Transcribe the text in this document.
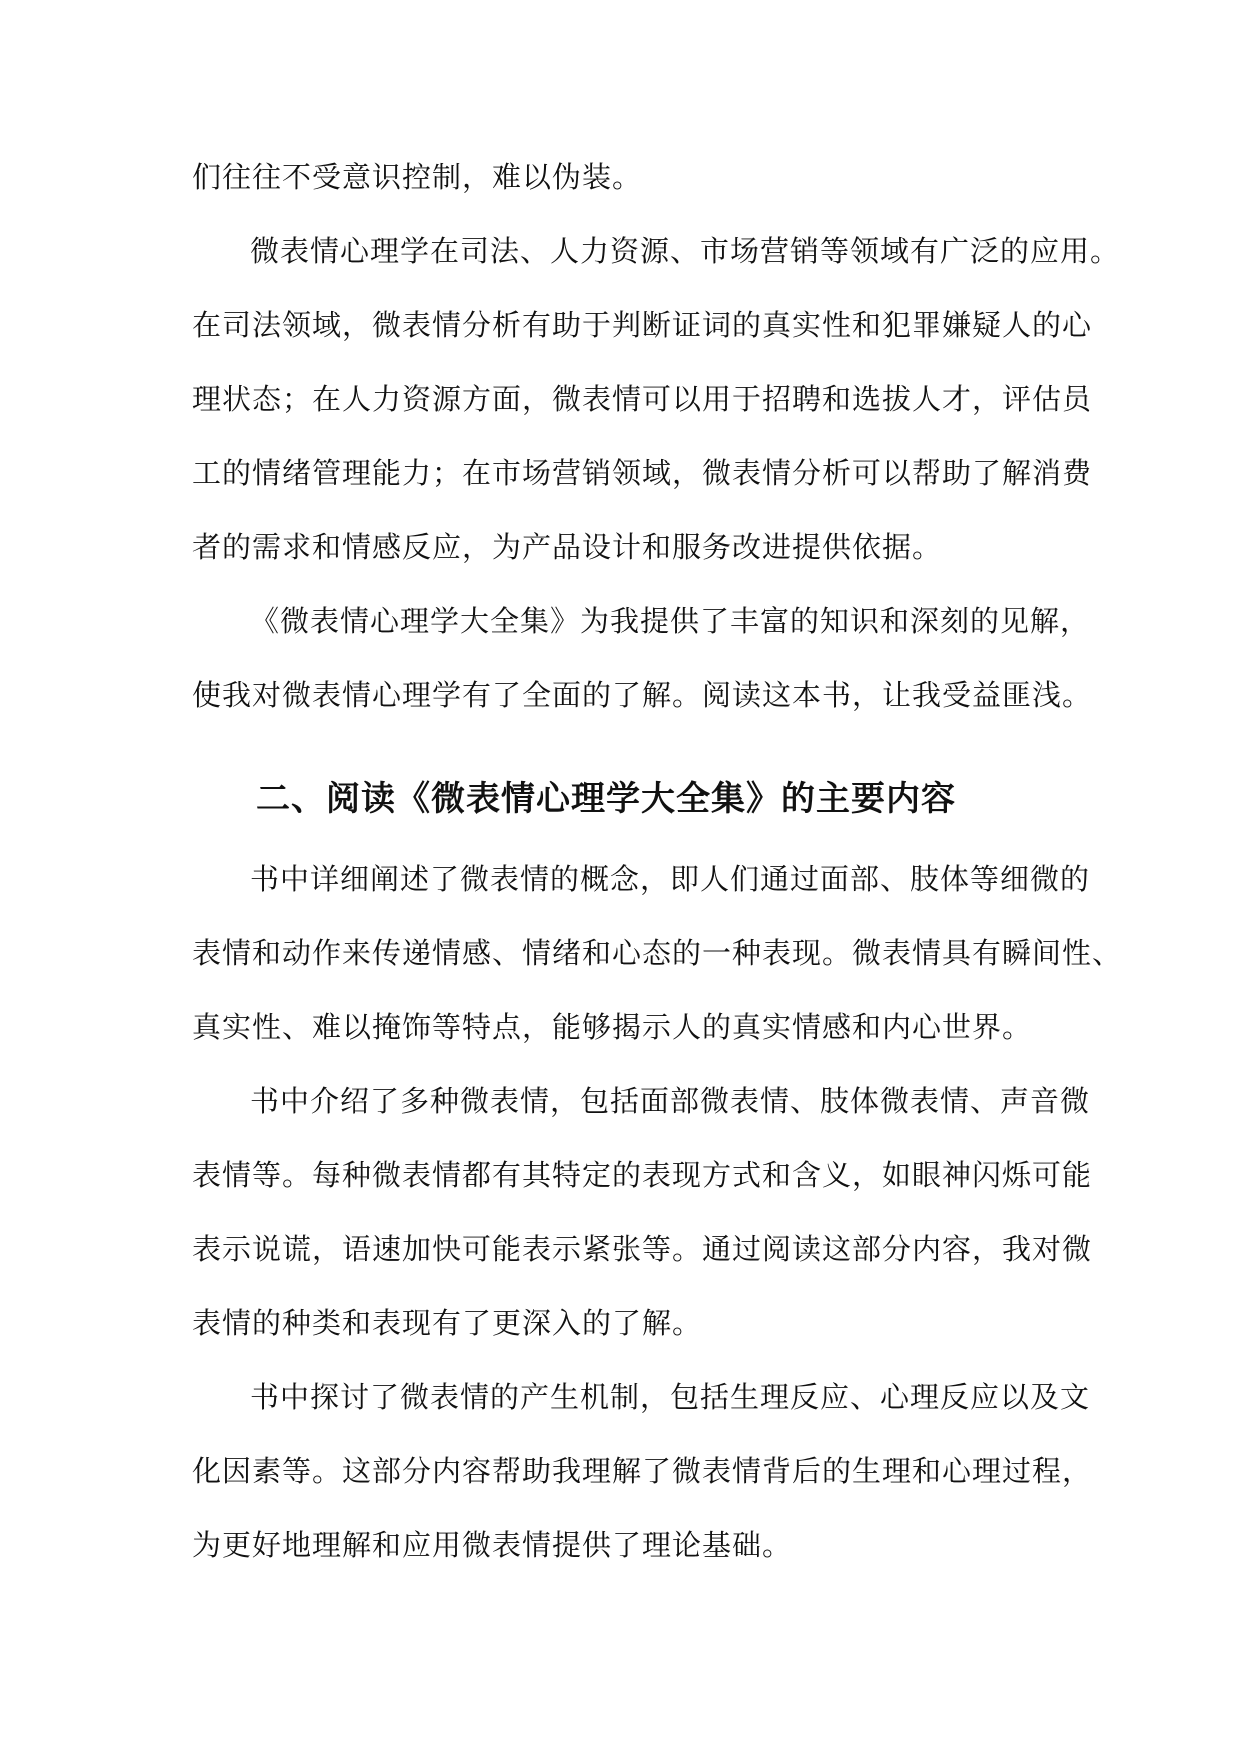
们往往不受意识控制，难以伪装。
微表情心理学在司法、人力资源、市场营销等领域有广泛的应用。
在司法领域，微表情分析有助于判断证词的真实性和犯罪嫌疑人的心
理状态；在人力资源方面，微表情可以用于招聘和选拔人才，评估员
工的情绪管理能力；在市场营销领域，微表情分析可以帮助了解消费
者的需求和情感反应，为产品设计和服务改进提供依据。
《微表情心理学大全集》为我提供了丰富的知识和深刻的见解，
使我对微表情心理学有了全面的了解。阅读这本书，让我受益匪浅。
二、阅读《微表情心理学大全集》的主要内容
书中详细阐述了微表情的概念，即人们通过面部、肢体等细微的
表情和动作来传递情感、情绪和心态的一种表现。微表情具有瞬间性、
真实性、难以掩饰等特点，能够揭示人的真实情感和内心世界。
书中介绍了多种微表情，包括面部微表情、肢体微表情、声音微
表情等。每种微表情都有其特定的表现方式和含义，如眼神闪烁可能
表示说谎，语速加快可能表示紧张等。通过阅读这部分内容，我对微
表情的种类和表现有了更深入的了解。
书中探讨了微表情的产生机制，包括生理反应、心理反应以及文
化因素等。这部分内容帮助我理解了微表情背后的生理和心理过程，
为更好地理解和应用微表情提供了理论基础。
